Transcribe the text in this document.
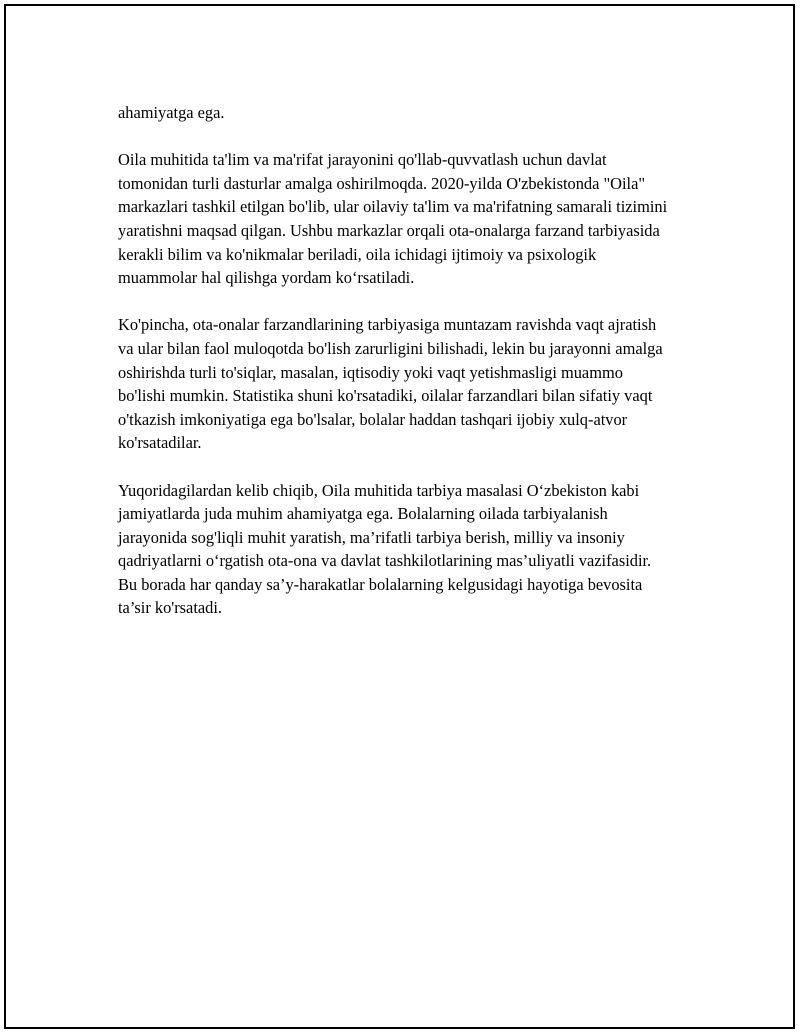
ahamiyatga ega.

Oila muhitida ta'lim va ma'rifat jarayonini qo'llab-quvvatlash uchun davlat tomonidan turli dasturlar amalga oshirilmoqda. 2020-yilda O'zbekistonda "Oila" markazlari tashkil etilgan bo'lib, ular oilaviy ta'lim va ma'rifatning samarali tizimini yaratishni maqsad qilgan. Ushbu markazlar orqali ota-onalarga farzand tarbiyasida kerakli bilim va ko'nikmalar beriladi, oila ichidagi ijtimoiy va psixologik muammolar hal qilishga yordam ko‘rsatiladi.

Ko'pincha, ota-onalar farzandlarining tarbiyasiga muntazam ravishda vaqt ajratish va ular bilan faol muloqotda bo'lish zarurligini bilishadi, lekin bu jarayonni amalga oshirishda turli to'siqlar, masalan, iqtisodiy yoki vaqt yetishmasligi muammo bo'lishi mumkin. Statistika shuni ko'rsatadiki, oilalar farzandlari bilan sifatiy vaqt o'tkazish imkoniyatiga ega bo'lsalar, bolalar haddan tashqari ijobiy xulq-atvor ko'rsatadilar.

Yuqoridagilardan kelib chiqib, Oila muhitida tarbiya masalasi O‘zbekiston kabi jamiyatlarda juda muhim ahamiyatga ega. Bolalarning oilada tarbiyalanish jarayonida sog'liqli muhit yaratish, ma’rifatli tarbiya berish, milliy va insoniy qadriyatlarni o‘rgatish ota-ona va davlat tashkilotlarining mas’uliyatli vazifasidir. Bu borada har qanday sa’y-harakatlar bolalarning kelgusidagi hayotiga bevosita ta’sir ko'rsatadi.
